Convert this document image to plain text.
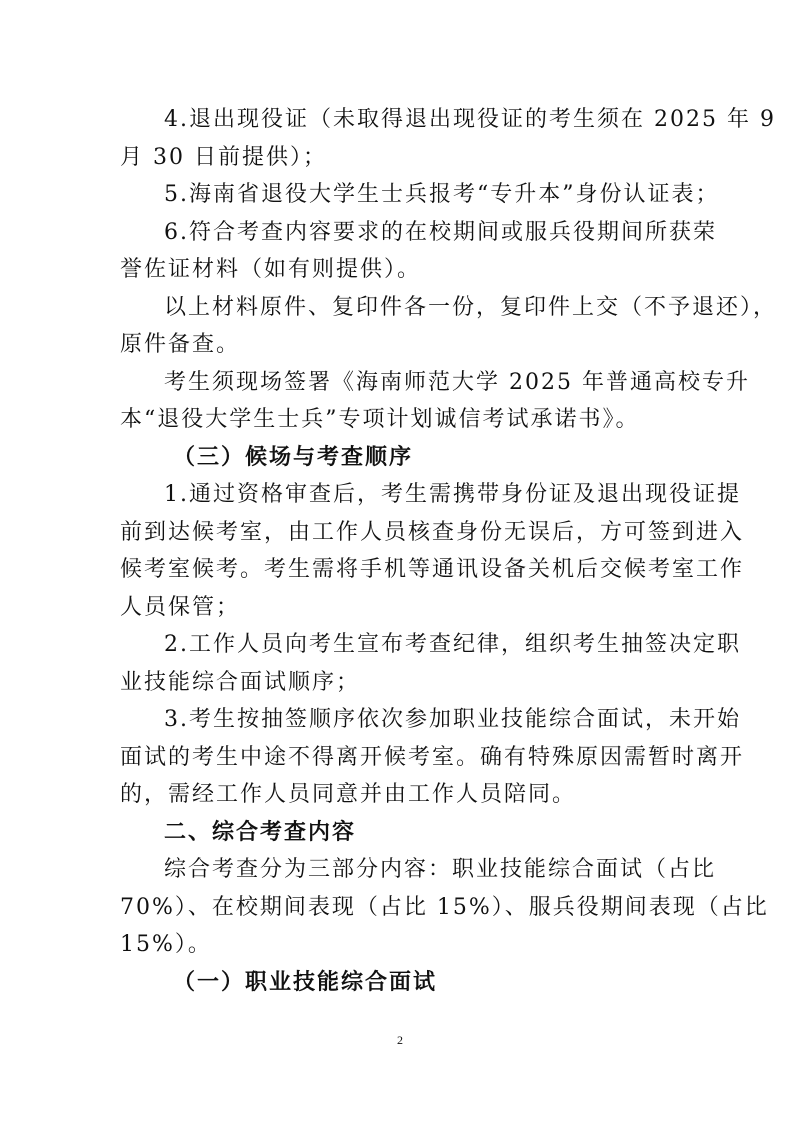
4.退出现役证（未取得退出现役证的考生须在 2025 年 9
月 30 日前提供）；
5.海南省退役大学生士兵报考“专升本”身份认证表；
6.符合考查内容要求的在校期间或服兵役期间所获荣
誉佐证材料（如有则提供）。
以上材料原件、复印件各一份，复印件上交（不予退还），
原件备查。
考生须现场签署《海南师范大学 2025 年普通高校专升
本“退役大学生士兵”专项计划诚信考试承诺书》。
（三）候场与考查顺序
1.通过资格审查后，考生需携带身份证及退出现役证提
前到达候考室，由工作人员核查身份无误后，方可签到进入
候考室候考。考生需将手机等通讯设备关机后交候考室工作
人员保管；
2.工作人员向考生宣布考查纪律，组织考生抽签决定职
业技能综合面试顺序；
3.考生按抽签顺序依次参加职业技能综合面试，未开始
面试的考生中途不得离开候考室。确有特殊原因需暂时离开
的，需经工作人员同意并由工作人员陪同。
二、综合考查内容
综合考查分为三部分内容：职业技能综合面试（占比
70%）、在校期间表现（占比 15%）、服兵役期间表现（占比
15%）。
（一）职业技能综合面试
2
